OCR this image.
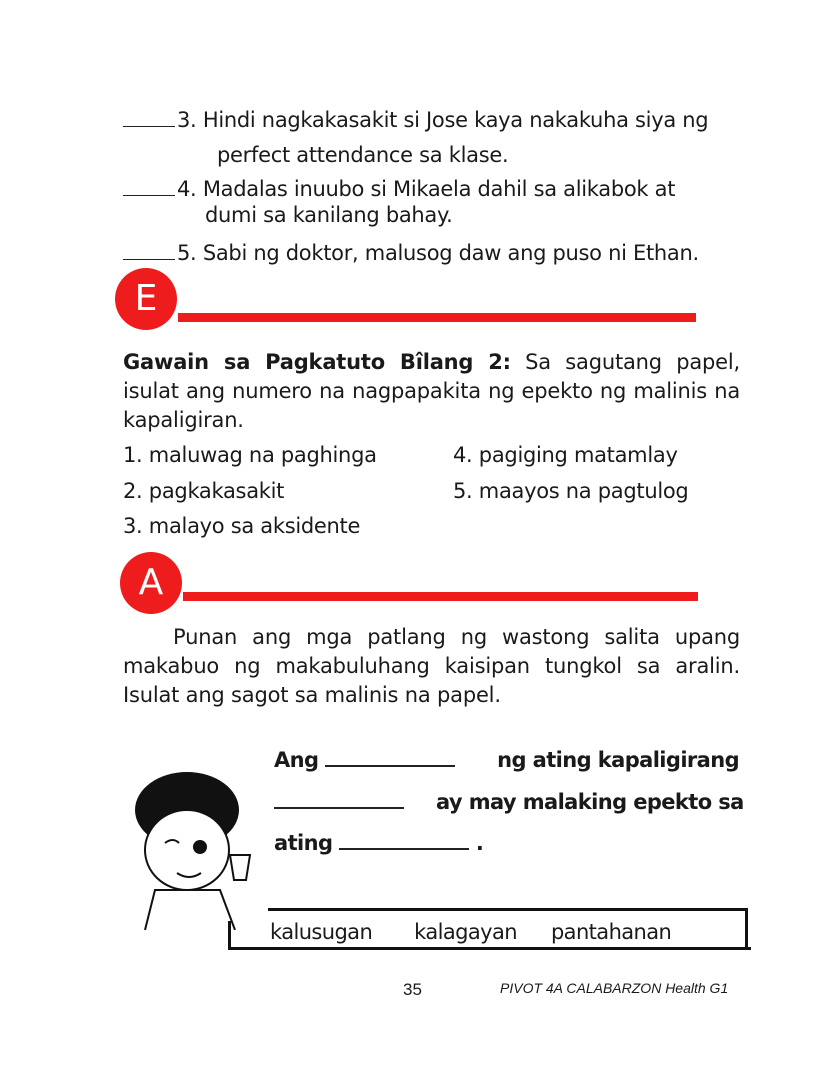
3. Hindi nagkakasakit si Jose kaya nakakuha siya ng
perfect attendance sa klase.
4. Madalas inuubo si Mikaela dahil sa alikabok at
dumi sa kanilang bahay.
5. Sabi ng doktor, malusog daw ang puso ni Ethan.
E
Gawain sa Pagkatuto Bîlang 2: Sa sagutang papel, isulat ang numero na nagpapakita ng epekto ng malinis na kapaligiran.
1. maluwag na paghinga
2. pagkakasakit
3. malayo sa aksidente
4. pagiging matamlay
5. maayos na pagtulog
A
Punan ang mga patlang ng wastong salita upang makabuo ng makabuluhang kaisipan tungkol sa aralin. Isulat ang sagot sa malinis na papel.
Ang	ng ating kapaligirang
ay may malaking epekto sa
ating	.
kalusugan kalagayan pantahanan
35	PIVOT 4A CALABARZON Health G1
